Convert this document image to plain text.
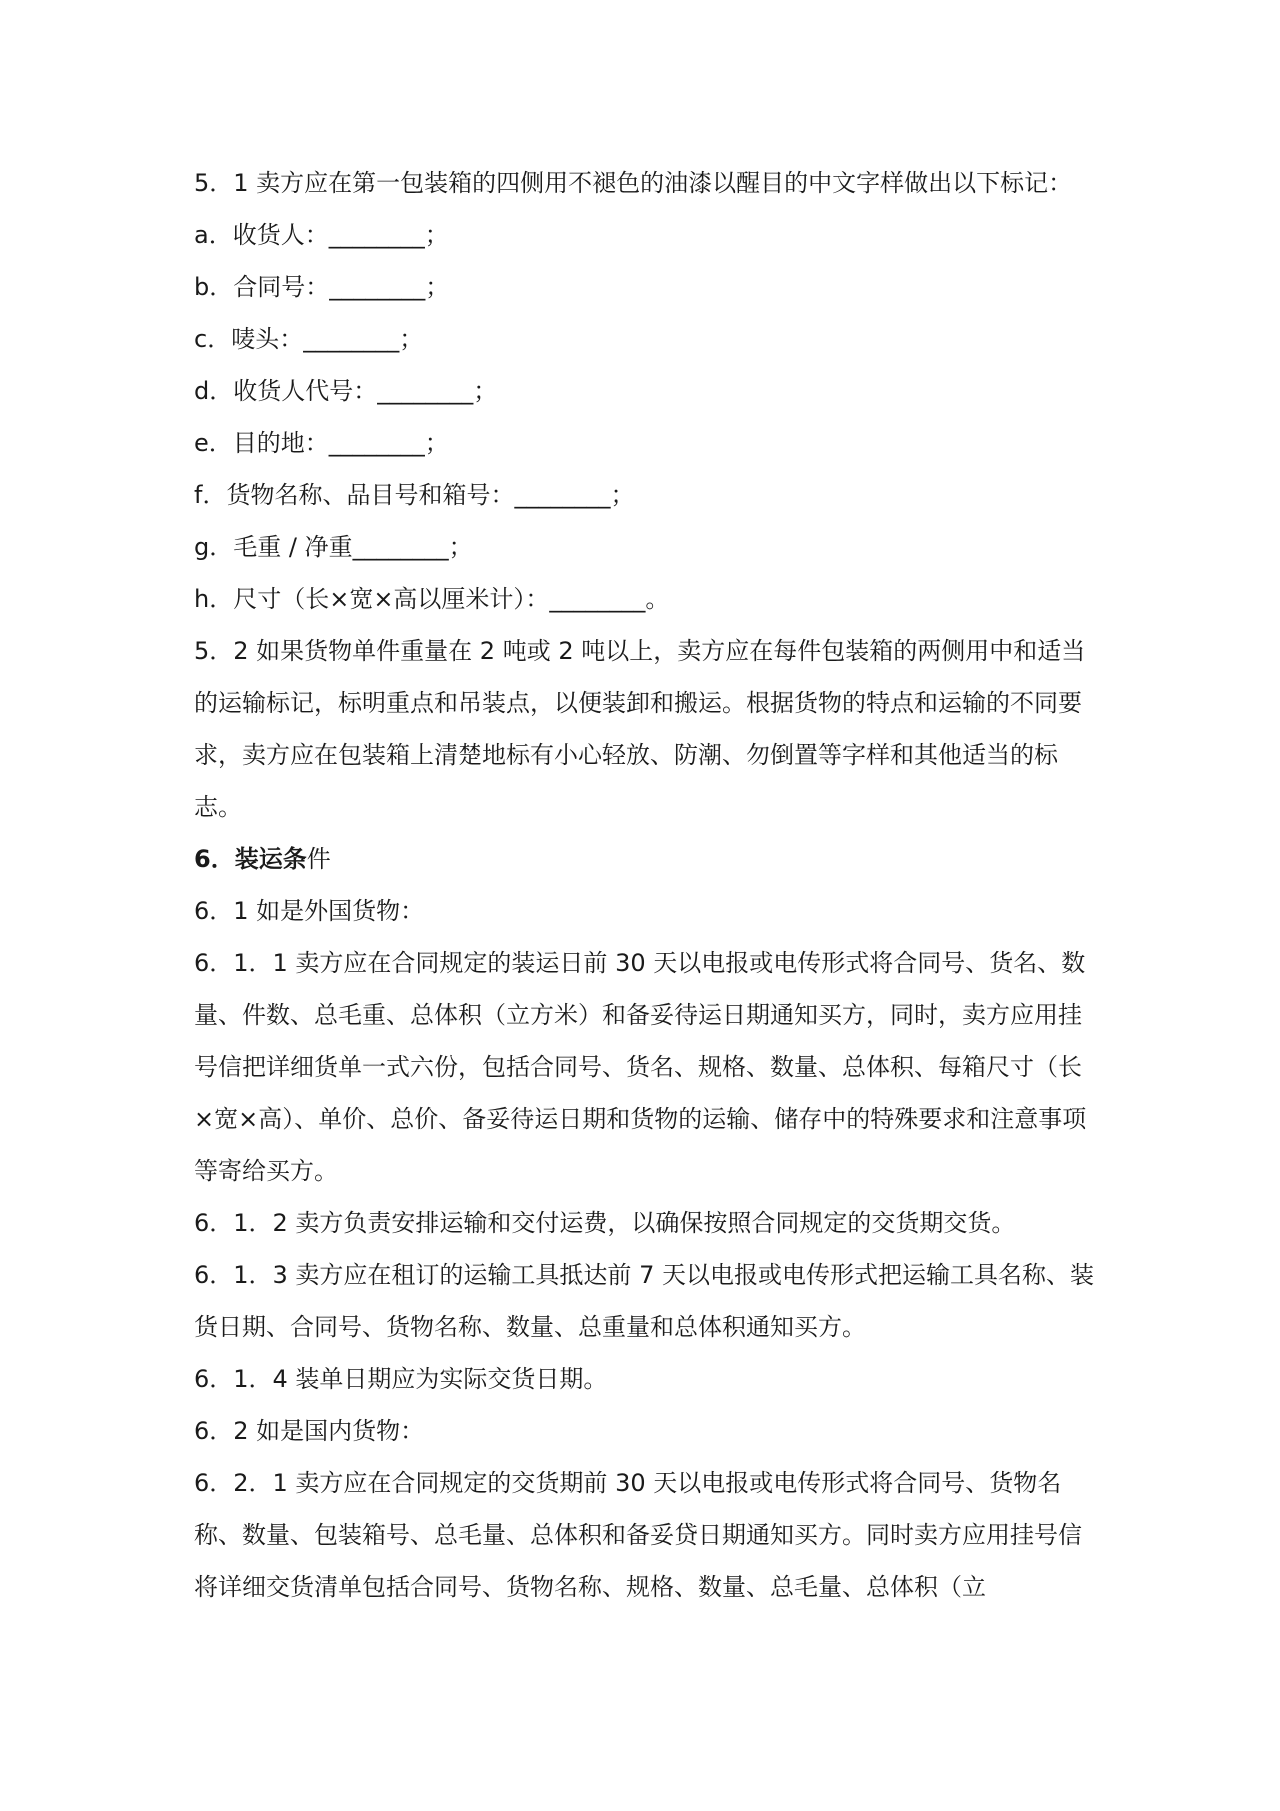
5．1 卖方应在第一包装箱的四侧用不褪色的油漆以醒目的中文字样做出以下标记：

a．收货人：________；

b．合同号：________；

c．唛头：________；

d．收货人代号：________；

e．目的地：________；

f．货物名称、品目号和箱号：________；

g．毛重 / 净重________；

h．尺寸（长×宽×高以厘米计）：________。

5．2 如果货物单件重量在 2 吨或 2 吨以上，卖方应在每件包装箱的两侧用中和适当的运输标记，标明重点和吊装点，以便装卸和搬运。根据货物的特点和运输的不同要求，卖方应在包装箱上清楚地标有小心轻放、防潮、勿倒置等字样和其他适当的标志。

6．装运条件

6．1 如是外国货物：

6．1．1 卖方应在合同规定的装运日前 30 天以电报或电传形式将合同号、货名、数量、件数、总毛重、总体积（立方米）和备妥待运日期通知买方，同时，卖方应用挂号信把详细货单一式六份，包括合同号、货名、规格、数量、总体积、每箱尺寸（长×宽×高）、单价、总价、备妥待运日期和货物的运输、储存中的特殊要求和注意事项等寄给买方。

6．1．2 卖方负责安排运输和交付运费，以确保按照合同规定的交货期交货。

6．1．3 卖方应在租订的运输工具抵达前 7 天以电报或电传形式把运输工具名称、装货日期、合同号、货物名称、数量、总重量和总体积通知买方。

6．1．4 装单日期应为实际交货日期。

6．2 如是国内货物：

6．2．1 卖方应在合同规定的交货期前 30 天以电报或电传形式将合同号、货物名称、数量、包装箱号、总毛量、总体积和备妥贷日期通知买方。同时卖方应用挂号信将详细交货清单包括合同号、货物名称、规格、数量、总毛量、总体积（立
